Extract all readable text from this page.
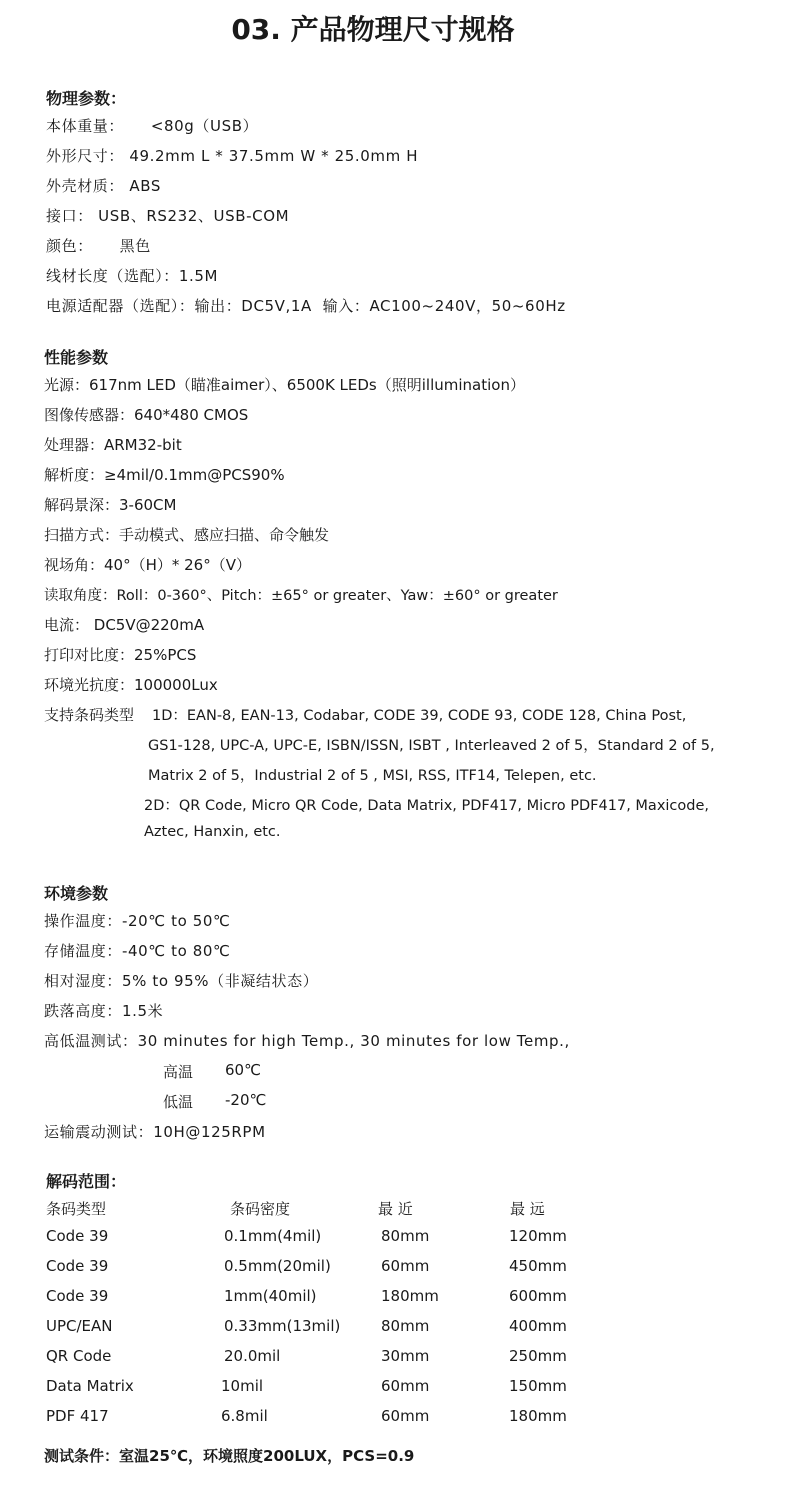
03. 产品物理尺寸规格
物理参数：
本体重量：     <80g（USB）
外形尺寸： 49.2mm L * 37.5mm W * 25.0mm H
外壳材质： ABS
接口： USB、RS232、USB-COM
颜色：     黑色
线材长度（选配）：1.5M
电源适配器（选配）：输出：DC5V,1A  输入：AC100~240V，50~60Hz
性能参数
光源：617nm LED（瞄准aimer）、6500K LEDs（照明illumination）
图像传感器：640*480 CMOS
处理器：ARM32-bit
解析度：≥4mil/0.1mm@PCS90%
解码景深：3-60CM
扫描方式：手动模式、感应扫描、命令触发
视场角：40°（H）* 26°（V）
读取角度：Roll：0-360°、Pitch：±65° or greater、Yaw：±60° or greater
电流： DC5V@220mA
打印对比度：25%PCS
环境光抗度：100000Lux
支持条码类型 1D：EAN-8, EAN-13, Codabar, CODE 39, CODE 93, CODE 128, China Post,
GS1-128, UPC-A, UPC-E, ISBN/ISSN, ISBT , Interleaved 2 of 5，Standard 2 of 5,
Matrix 2 of 5，Industrial 2 of 5 , MSI, RSS, ITF14, Telepen, etc.
2D：QR Code, Micro QR Code, Data Matrix, PDF417, Micro PDF417, Maxicode,
Aztec, Hanxin, etc.
环境参数
操作温度：-20℃ to 50℃
存储温度：-40℃ to 80℃
相对湿度：5% to 95%（非凝结状态）
跌落高度：1.5米
高低温测试：30 minutes for high Temp., 30 minutes for low Temp.,
高温 60℃
低温 -20℃
运输震动测试：10H@125RPM
解码范围：
条码类型	条码密度	最 近	最 远
Code 39	0.1mm(4mil)	80mm	120mm
Code 39	0.5mm(20mil)	60mm	450mm
Code 39	1mm(40mil)	180mm	600mm
UPC/EAN	0.33mm(13mil)	80mm	400mm
QR Code	20.0mil	30mm	250mm
Data Matrix	10mil	60mm	150mm
PDF 417	6.8mil	60mm	180mm
测试条件：室温25℃，环境照度200LUX，PCS=0.9
